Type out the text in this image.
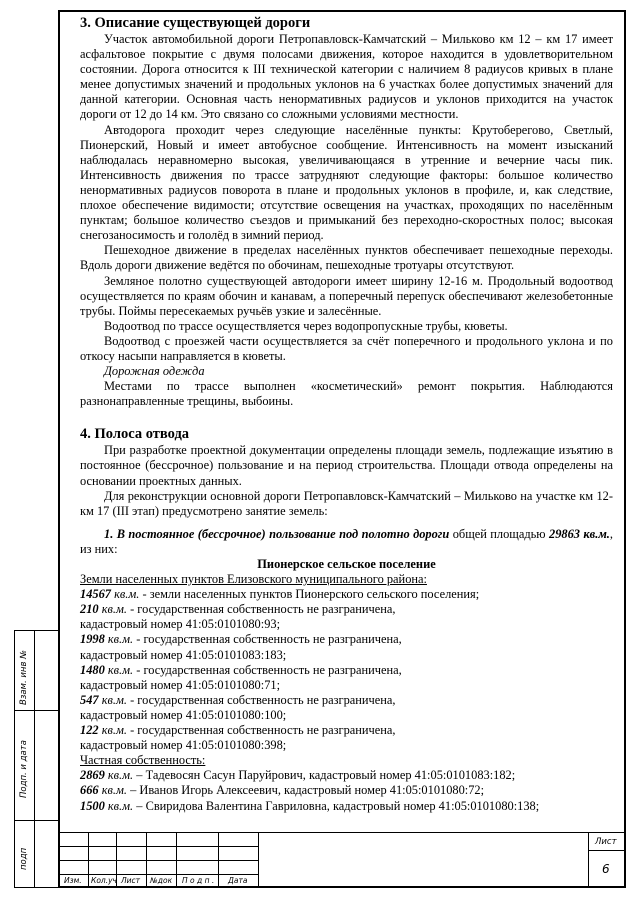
3. Описание существующей дороги

Участок автомобильной дороги Петропавловск-Камчатский – Мильково км 12 – км 17 имеет асфальтовое покрытие с двумя полосами движения, которое находится в удовлетворительном состоянии. Дорога относится к III технической категории с наличием 8 радиусов кривых в плане менее допустимых значений и продольных уклонов на 6 участках более допустимых значений для данной категории. Основная часть ненормативных радиусов и уклонов приходится на участок дороги от 12 до 14 км. Это связано со сложными условиями местности.

Автодорога проходит через следующие населённые пункты: Крутоберегово, Светлый, Пионерский, Новый и имеет автобусное сообщение. Интенсивность на момент изысканий наблюдалась неравномерно высокая, увеличивающаяся в утренние и вечерние часы пик. Интенсивность движения по трассе затрудняют следующие факторы: большое количество ненормативных радиусов поворота в плане и продольных уклонов в профиле, и, как следствие, плохое обеспечение видимости; отсутствие освещения на участках, проходящих по населённым пунктам; большое количество съездов и примыканий без переходно-скоростных полос; высокая снегозаносимость и гололёд в зимний период.

Пешеходное движение в пределах населённых пунктов обеспечивает пешеходные переходы. Вдоль дороги движение ведётся по обочинам, пешеходные тротуары отсутствуют.

Земляное полотно существующей автодороги имеет ширину 12-16 м. Продольный водоотвод осуществляется по краям обочин и канавам, а поперечный перепуск обеспечивают железобетонные трубы. Поймы пересекаемых ручьёв узкие и залесённые.

Водоотвод по трассе осуществляется через водопропускные трубы, кюветы.

Водоотвод с проезжей части осуществляется за счёт поперечного и продольного уклона и по откосу насыпи направляется в кюветы.

Дорожная одежда

Местами по трассе выполнен «косметический» ремонт покрытия. Наблюдаются разнонаправленные трещины, выбоины.

4. Полоса отвода

При разработке проектной документации определены площади земель, подлежащие изъятию в постоянное (бессрочное) пользование и на период строительства. Площади отвода определены на основании проектных данных.

Для реконструкции основной дороги Петропавловск-Камчатский – Мильково на участке км 12-км 17 (III этап) предусмотрено занятие земель:

1. В постоянное (бессрочное) пользование под полотно дороги общей площадью 29863 кв.м., из них:

Пионерское сельское поселение

Земли населенных пунктов Елизовского муниципального района:

14567 кв.м. - земли населенных пунктов Пионерского сельского поселения;

210 кв.м. - государственная собственность не разграничена,

кадастровый номер 41:05:0101080:93;

1998 кв.м. - государственная собственность не разграничена,

кадастровый номер 41:05:0101083:183;

1480 кв.м. - государственная собственность не разграничена,

кадастровый номер 41:05:0101080:71;

547 кв.м. - государственная собственность не разграничена,

кадастровый номер 41:05:0101080:100;

122 кв.м. - государственная собственность не разграничена,

кадастровый номер 41:05:0101080:398;

Частная собственность:

2869 кв.м. – Тадевосян Сасун Паруйрович, кадастровый номер 41:05:0101083:182;

666 кв.м. – Иванов Игорь Алексеевич, кадастровый номер 41:05:0101080:72;

1500 кв.м. – Свиридова Валентина Гавриловна, кадастровый номер 41:05:0101080:138;

Взам. инв №
Подп. и дата
подп
Изм. Кол.уч Лист №док П о д п . Дата
Лист
6
